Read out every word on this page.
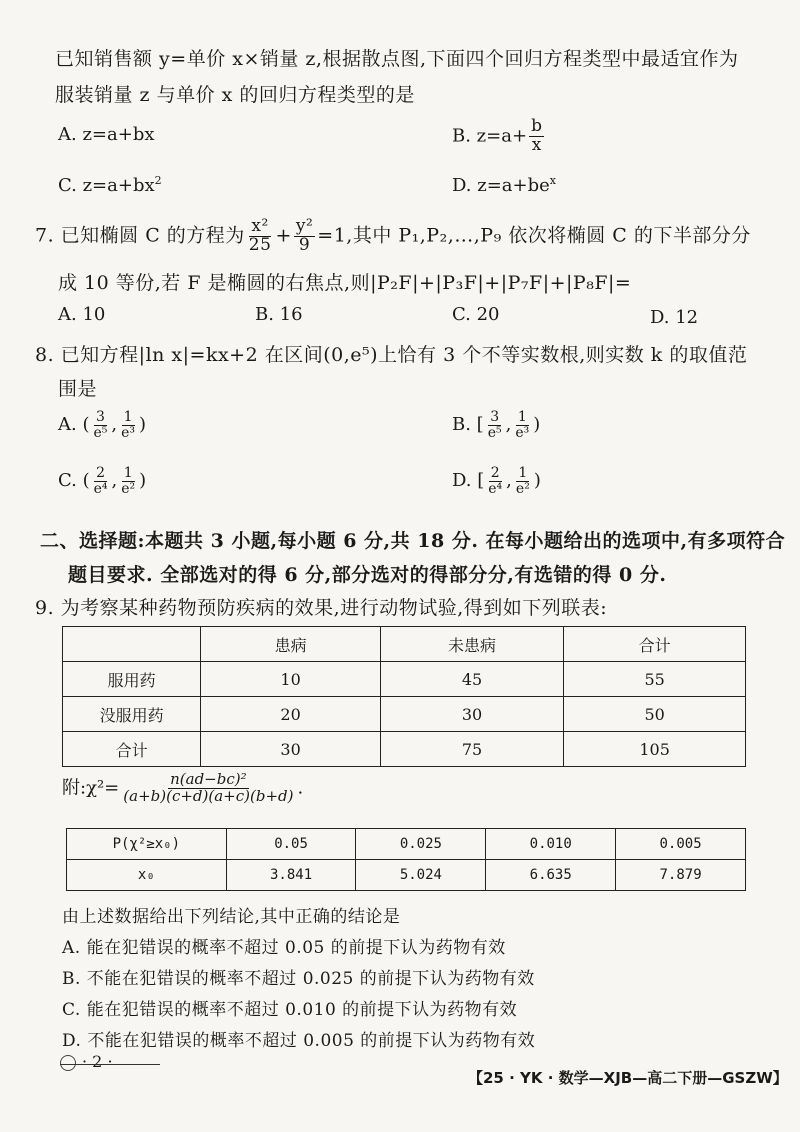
已知销售额 y=单价 x×销量 z,根据散点图,下面四个回归方程类型中最适宜作为
服装销量 z 与单价 x 的回归方程类型的是
A. z=a+bx	B. $z=a+ \frac{b}{x}$
C. $z=a+bx^2$	D. $z=a+be^x$
7. 已知椭圆 C 的方程为 $\frac{\text{x²}}{25} + \frac{\text{y²}}{9} =1$,其中 P₁,P₂,…,P₉ 依次将椭圆 C 的下半部分分
成 10 等份,若 F 是椭圆的右焦点,则|P₂F|+|P₃F|+|P₇F|+|P₈F|=
A. 10	B. 16	C. 20	D. 12
8. 已知方程|ln x|=kx+2 在区间(0,e⁵)上恰有 3 个不等实数根,则实数 k 的取值范
围是
A. ( $\frac{3}{\text{e⁵}}$ , $\frac{1}{\text{e³}}$ )	B. [ $\frac{3}{\text{e⁵}}$ , $\frac{1}{\text{e³}}$ )
C. ( $\frac{2}{\text{e⁴}}$ , $\frac{1}{\text{e²}}$ )	D. [ $\frac{2}{\text{e⁴}}$ , $\frac{1}{\text{e²}}$ )
二、选择题:本题共 3 小题,每小题 6 分,共 18 分. 在每小题给出的选项中,有多项符合
题目要求. 全部选对的得 6 分,部分选对的得部分分,有选错的得 0 分.
9. 为考察某种药物预防疾病的效果,进行动物试验,得到如下列联表:
	患病	未患病	合计
服用药	10	45	55
没服用药	20	30	50
合计	30	75	105
附:χ²= $\frac{\text{n(ad−bc)²}}{(a+b)(c+d)(a+c)(b+d)}$ .
P(χ²≥x₀)	0.05	0.025	0.010	0.005
x₀	3.841	5.024	6.635	7.879
由上述数据给出下列结论,其中正确的结论是
A. 能在犯错误的概率不超过 0.05 的前提下认为药物有效
B. 不能在犯错误的概率不超过 0.025 的前提下认为药物有效
C. 能在犯错误的概率不超过 0.010 的前提下认为药物有效
D. 不能在犯错误的概率不超过 0.005 的前提下认为药物有效
· 2 ·
【25 · YK · 数学—XJB—高二下册—GSZW】
